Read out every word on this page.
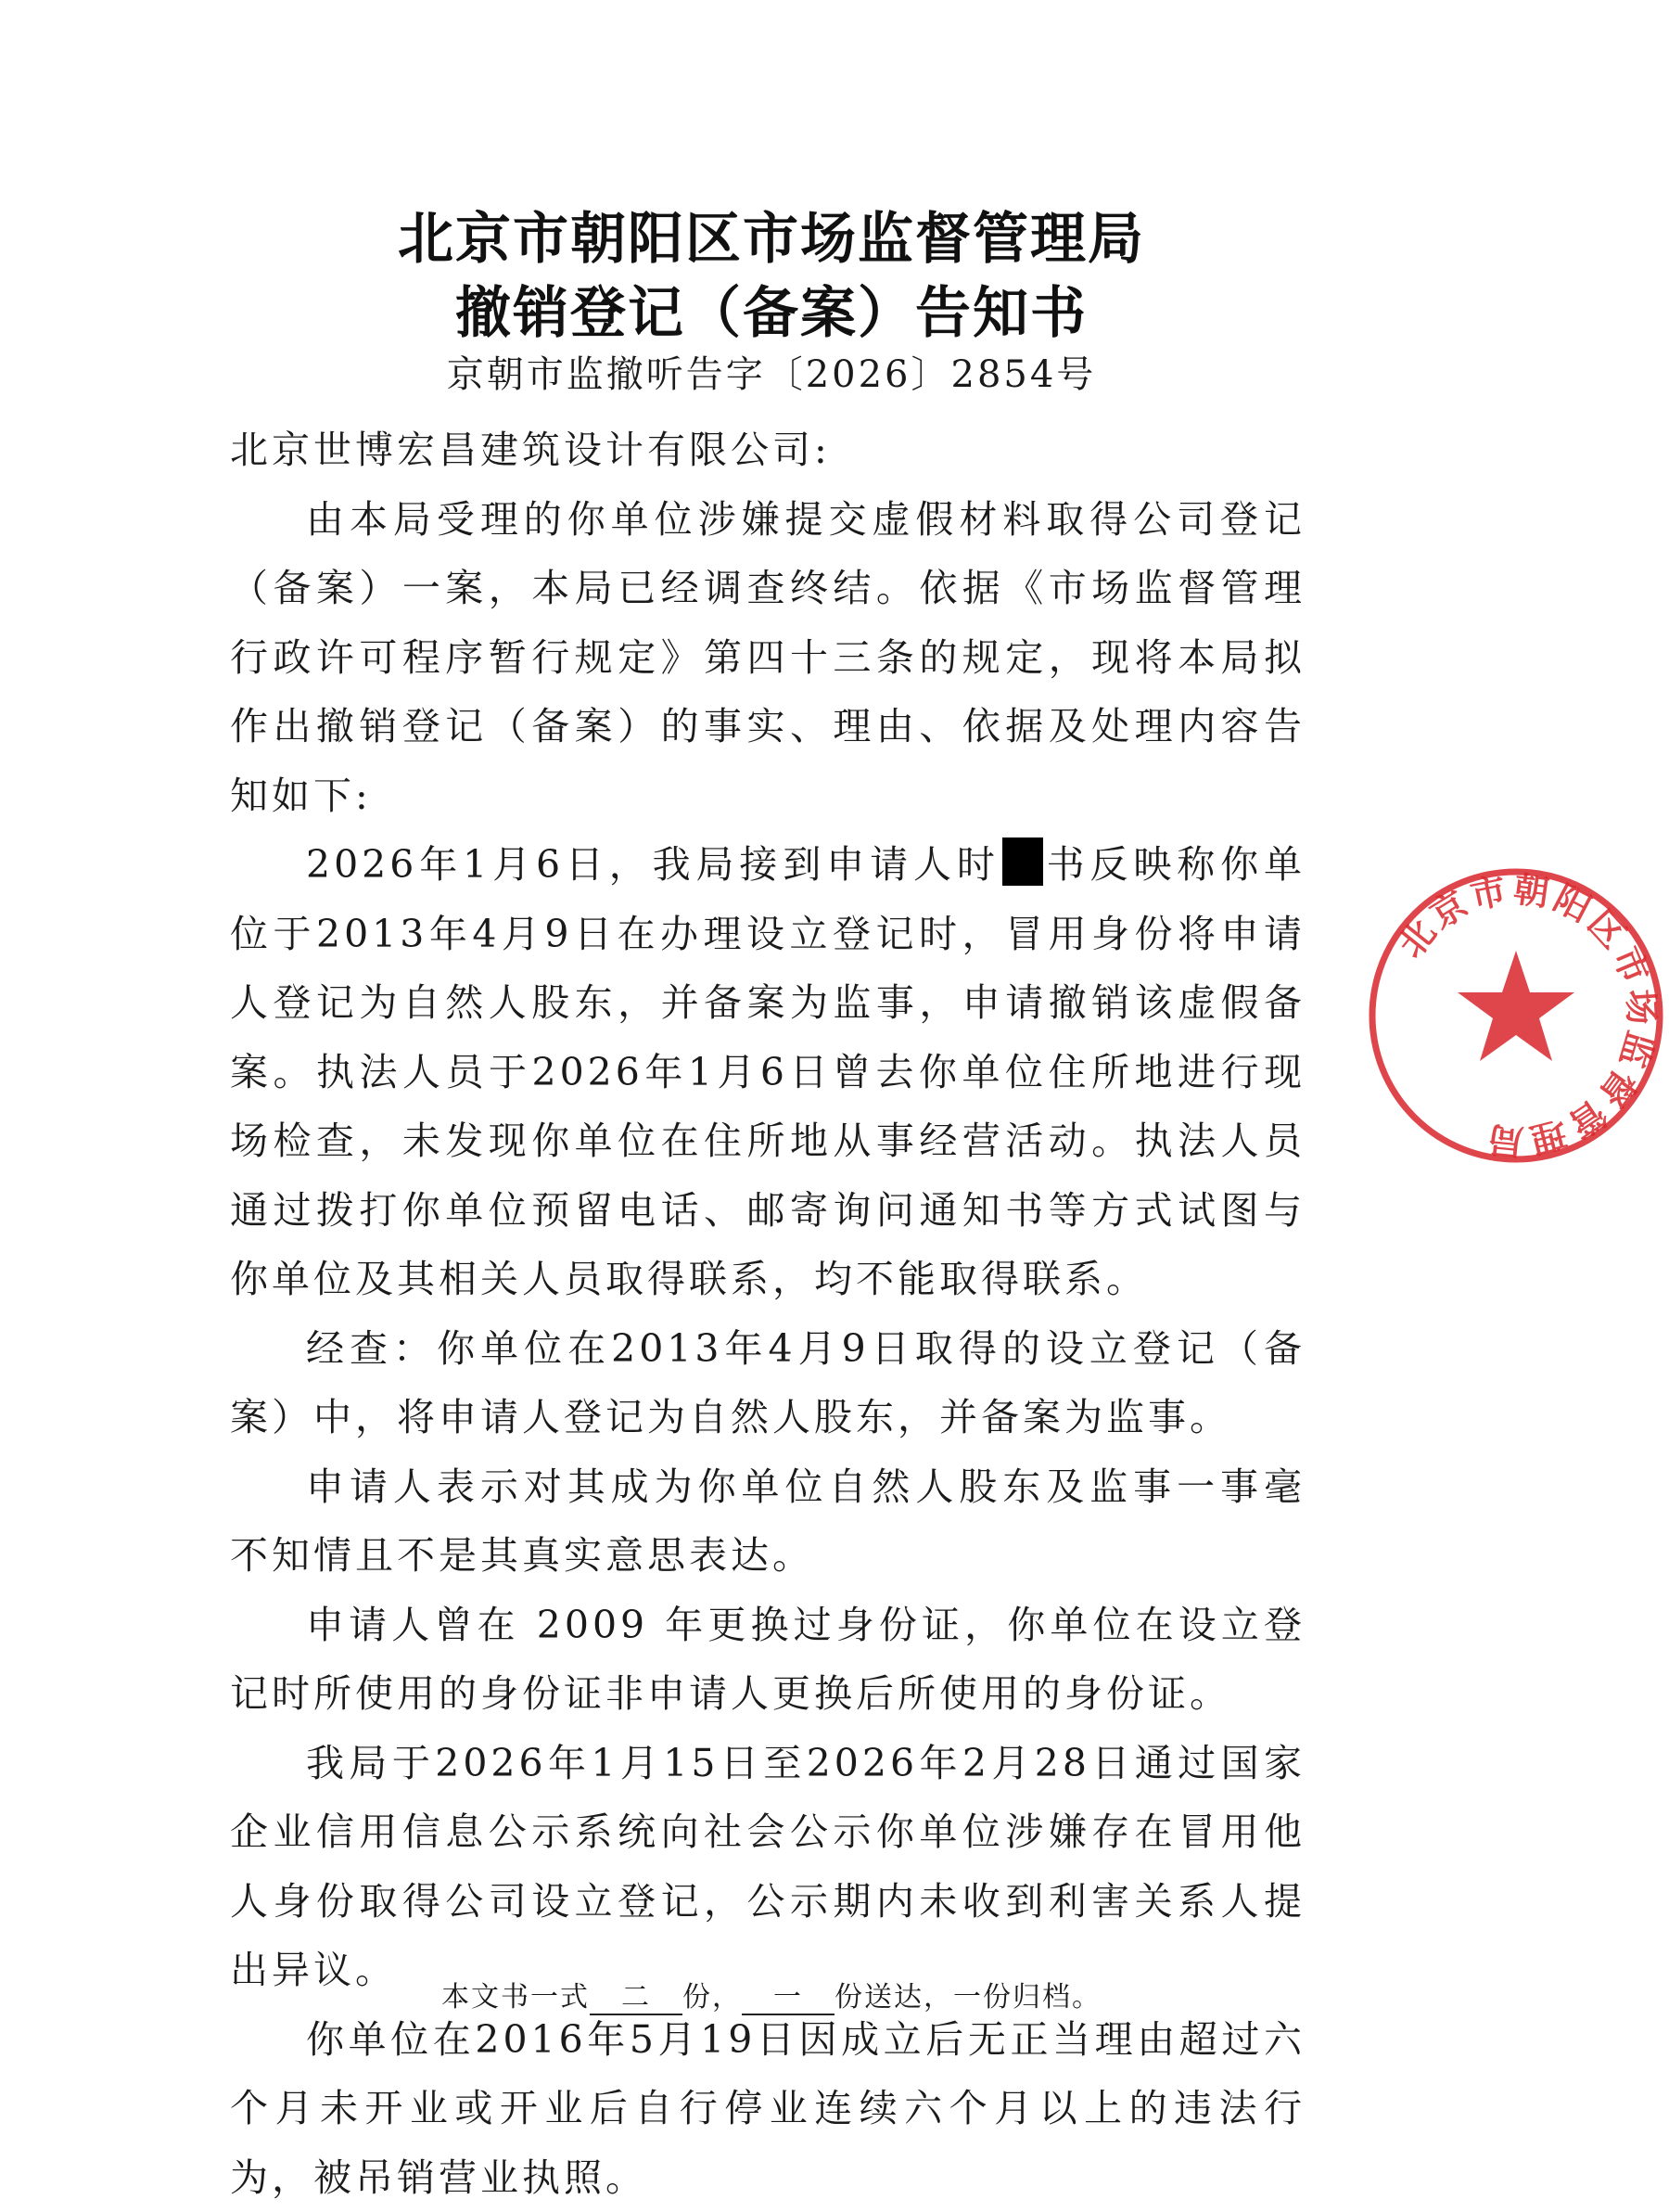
北京市朝阳区市场监督管理局
撤销登记（备案）告知书
京朝市监撤听告字〔2026〕2854号

北京世博宏昌建筑设计有限公司:

由本局受理的你单位涉嫌提交虚假材料取得公司登记（备案）一案，本局已经调查终结。依据《市场监督管理行政许可程序暂行规定》第四十三条的规定，现将本局拟作出撤销登记（备案）的事实、理由、依据及处理内容告知如下:

2026年1月6日，我局接到申请人时 书反映称你单位于2013年4月9日在办理设立登记时，冒用身份将申请人登记为自然人股东，并备案为监事，申请撤销该虚假备案。执法人员于2026年1月6日曾去你单位住所地进行现场检查，未发现你单位在住所地从事经营活动。执法人员通过拨打你单位预留电话、邮寄询问通知书等方式试图与你单位及其相关人员取得联系，均不能取得联系。

经查：你单位在2013年4月9日取得的设立登记（备案）中，将申请人登记为自然人股东，并备案为监事。

申请人表示对其成为你单位自然人股东及监事一事毫不知情且不是其真实意思表达。

申请人曾在 2009 年更换过身份证，你单位在设立登记时所使用的身份证非申请人更换后所使用的身份证。

我局于2026年1月15日至2026年2月28日通过国家企业信用信息公示系统向社会公示你单位涉嫌存在冒用他人身份取得公司设立登记，公示期内未收到利害关系人提出异议。

你单位在2016年5月19日因成立后无正当理由超过六个月未开业或开业后自行停业连续六个月以上的违法行为，被吊销营业执照。

本文书一式 二 份， 一 份送达，一份归档。
北京市朝阳区市场监督管理局
